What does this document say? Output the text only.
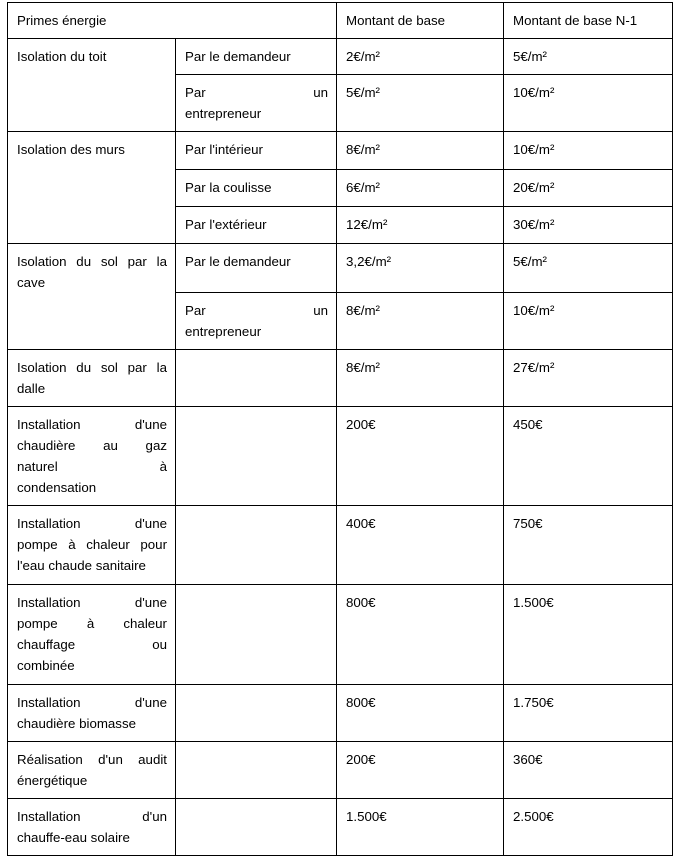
Primes énergie		Montant de base	Montant de base N-1

Isolation du toit	Par le demandeur	2€/m²	5€/m²

	Par un
entrepreneur	5€/m²	10€/m²

Isolation des murs	Par l'intérieur	8€/m²	10€/m²

	Par la coulisse	6€/m²	20€/m²

	Par l'extérieur	12€/m²	30€/m²

Isolation du sol par la
cave	Par le demandeur	3,2€/m²	5€/m²

	Par un
entrepreneur	8€/m²	10€/m²

Isolation du sol par la
dalle		8€/m²	27€/m²

Installation d'une
chaudière au gaz
naturel à
condensation		200€	450€

Installation d'une
pompe à chaleur pour
l'eau chaude sanitaire		400€	750€

Installation d'une
pompe à chaleur
chauffage ou
combinée		800€	1.500€

Installation d'une
chaudière biomasse		800€	1.750€

Réalisation d'un audit
énergétique		200€	360€

Installation d'un
chauffe-eau solaire		1.500€	2.500€
